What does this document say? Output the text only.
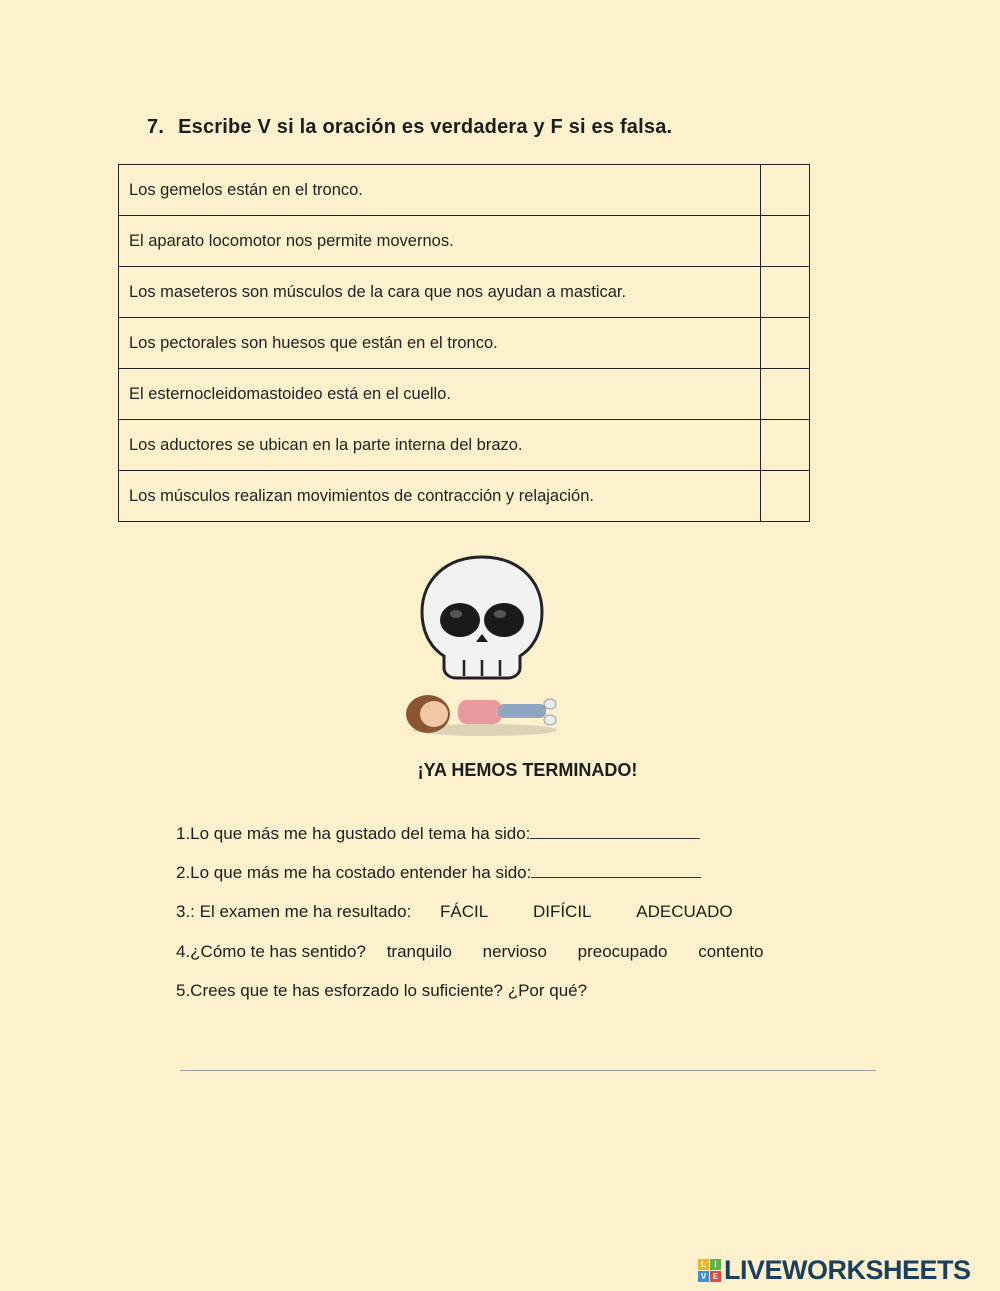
7. Escribe V si la oración es verdadera y F si es falsa.
Los gemelos están en el tronco.	
El aparato locomotor nos permite movernos.	
Los maseteros son músculos de la cara que nos ayudan a masticar.	
Los pectorales son huesos que están en el tronco.	
El esternocleidomastoideo está en el cuello.	
Los aductores se ubican en la parte interna del brazo.	
Los músculos realizan movimientos de contracción y relajación.	
¡YA HEMOS TERMINADO!
1.Lo que más me ha gustado del tema ha sido:
2.Lo que más me ha costado entender ha sido:
3.: El examen me ha resultado: FÁCIL	DIFÍCIL	ADECUADO
4.¿Cómo te has sentido? tranquilo nervioso preocupado contento
5.Crees que te has esforzado lo suficiente? ¿Por qué?
L	I
V E LIVEWORKSHEETS
